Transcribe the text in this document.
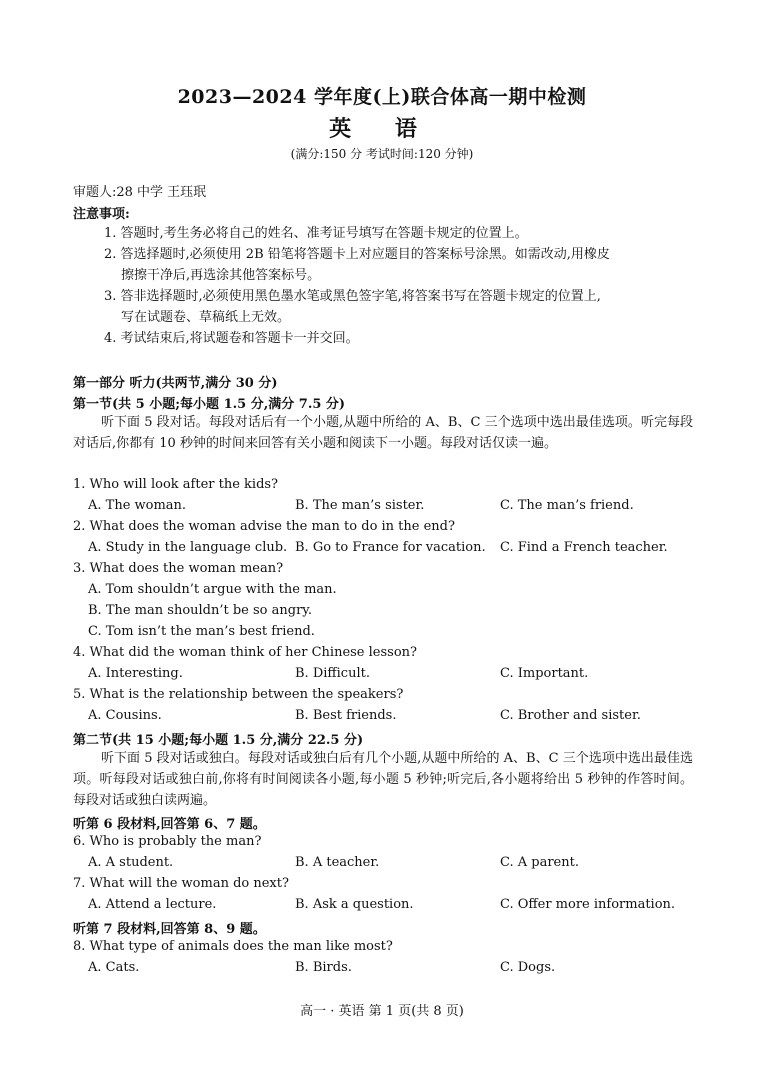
2023—2024 学年度(上)联合体高一期中检测
英 语
(满分:150 分 考试时间:120 分钟)
审题人:28 中学 王珏珉
注意事项:
1. 答题时,考生务必将自己的姓名、准考证号填写在答题卡规定的位置上。
2. 答选择题时,必须使用 2B 铅笔将答题卡上对应题目的答案标号涂黑。如需改动,用橡皮
擦擦干净后,再选涂其他答案标号。
3. 答非选择题时,必须使用黑色墨水笔或黑色签字笔,将答案书写在答题卡规定的位置上,
写在试题卷、草稿纸上无效。
4. 考试结束后,将试题卷和答题卡一并交回。
第一部分 听力(共两节,满分 30 分)
第一节(共 5 小题;每小题 1.5 分,满分 7.5 分)
听下面 5 段对话。每段对话后有一个小题,从题中所给的 A、B、C 三个选项中选出最佳选项。听完每段对话后,你都有 10 秒钟的时间来回答有关小题和阅读下一小题。每段对话仅读一遍。
1. Who will look after the kids?
A. The woman.	B. The man’s sister.	C. The man’s friend.
2. What does the woman advise the man to do in the end?
A. Study in the language club. B. Go to France for vacation. C. Find a French teacher.
3. What does the woman mean?
A. Tom shouldn’t argue with the man.
B. The man shouldn’t be so angry.
C. Tom isn’t the man’s best friend.
4. What did the woman think of her Chinese lesson?
A. Interesting.	B. Difficult.	C. Important.
5. What is the relationship between the speakers?
A. Cousins.	B. Best friends.	C. Brother and sister.
第二节(共 15 小题;每小题 1.5 分,满分 22.5 分)
听下面 5 段对话或独白。每段对话或独白后有几个小题,从题中所给的 A、B、C 三个选项中选出最佳选项。听每段对话或独白前,你将有时间阅读各小题,每小题 5 秒钟;听完后,各小题将给出 5 秒钟的作答时间。每段对话或独白读两遍。
听第 6 段材料,回答第 6、7 题。
6. Who is probably the man?
A. A student.	B. A teacher.	C. A parent.
7. What will the woman do next?
A. Attend a lecture.	B. Ask a question.	C. Offer more information.
听第 7 段材料,回答第 8、9 题。
8. What type of animals does the man like most?
A. Cats.	B. Birds.	C. Dogs.
高一 · 英语 第 1 页(共 8 页)
